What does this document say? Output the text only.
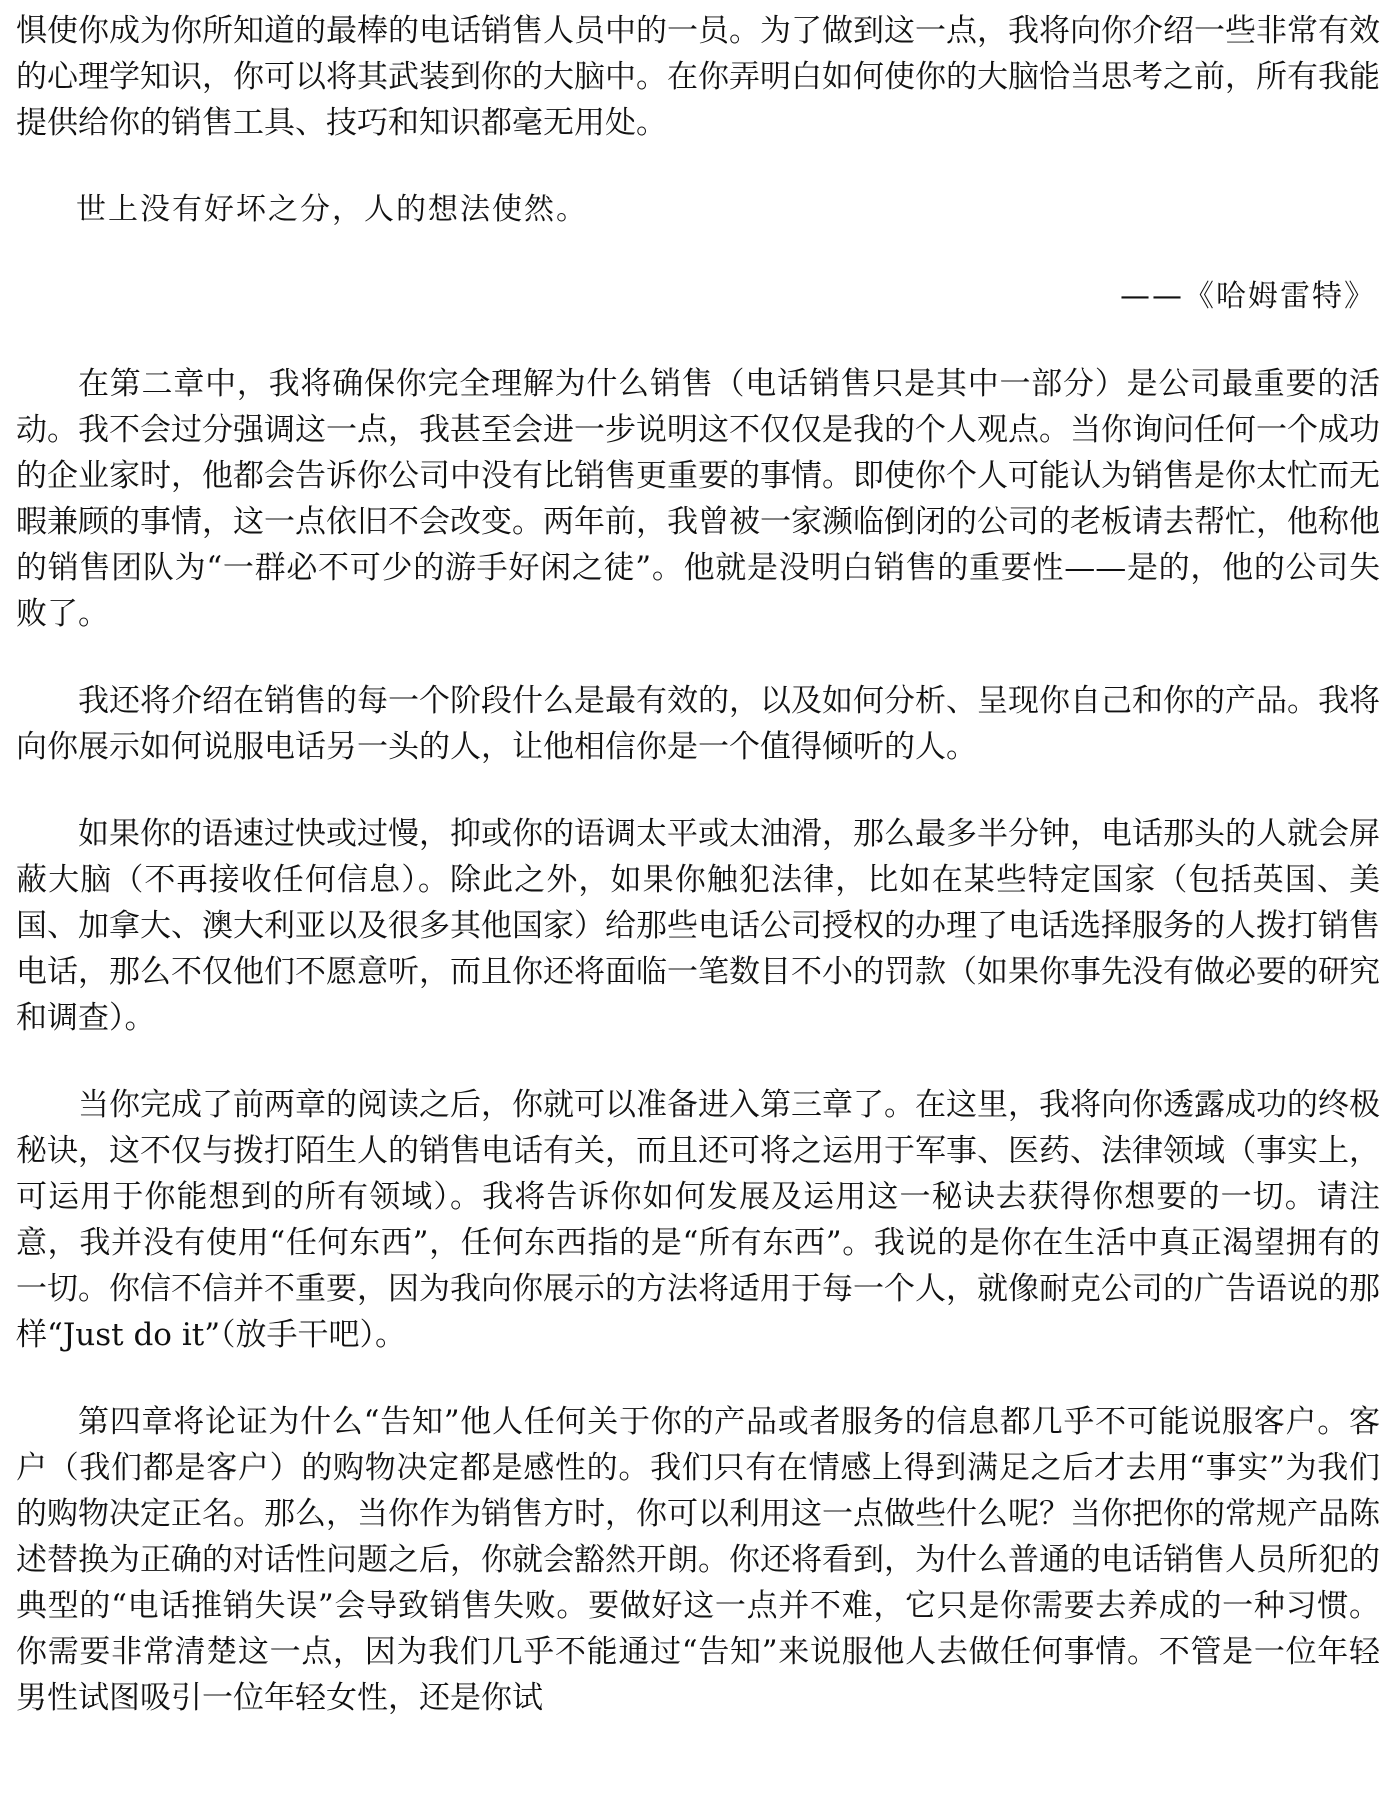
惧使你成为你所知道的最棒的电话销售人员中的一员。为了做到这一点，我将向你介绍一些非常有效的心理学知识，你可以将其武装到你的大脑中。在你弄明白如何使你的大脑恰当思考之前，所有我能提供给你的销售工具、技巧和知识都毫无用处。

世上没有好坏之分，人的想法使然。

——《哈姆雷特》

在第二章中，我将确保你完全理解为什么销售（电话销售只是其中一部分）是公司最重要的活动。我不会过分强调这一点，我甚至会进一步说明这不仅仅是我的个人观点。当你询问任何一个成功的企业家时，他都会告诉你公司中没有比销售更重要的事情。即使你个人可能认为销售是你太忙而无暇兼顾的事情，这一点依旧不会改变。两年前，我曾被一家濒临倒闭的公司的老板请去帮忙，他称他的销售团队为“一群必不可少的游手好闲之徒”。他就是没明白销售的重要性——是的，他的公司失败了。

我还将介绍在销售的每一个阶段什么是最有效的，以及如何分析、呈现你自己和你的产品。我将向你展示如何说服电话另一头的人，让他相信你是一个值得倾听的人。

如果你的语速过快或过慢，抑或你的语调太平或太油滑，那么最多半分钟，电话那头的人就会屏蔽大脑（不再接收任何信息）。除此之外，如果你触犯法律，比如在某些特定国家（包括英国、美国、加拿大、澳大利亚以及很多其他国家）给那些电话公司授权的办理了电话选择服务的人拨打销售电话，那么不仅他们不愿意听，而且你还将面临一笔数目不小的罚款（如果你事先没有做必要的研究和调查）。

当你完成了前两章的阅读之后，你就可以准备进入第三章了。在这里，我将向你透露成功的终极秘诀，这不仅与拨打陌生人的销售电话有关，而且还可将之运用于军事、医药、法律领域（事实上，可运用于你能想到的所有领域）。我将告诉你如何发展及运用这一秘诀去获得你想要的一切。请注意，我并没有使用“任何东西”，任何东西指的是“所有东西”。我说的是你在生活中真正渴望拥有的一切。你信不信并不重要，因为我向你展示的方法将适用于每一个人，就像耐克公司的广告语说的那样“Just do it”（放手干吧）。

第四章将论证为什么“告知”他人任何关于你的产品或者服务的信息都几乎不可能说服客户。客户（我们都是客户）的购物决定都是感性的。我们只有在情感上得到满足之后才去用“事实”为我们的购物决定正名。那么，当你作为销售方时，你可以利用这一点做些什么呢？当你把你的常规产品陈述替换为正确的对话性问题之后，你就会豁然开朗。你还将看到，为什么普通的电话销售人员所犯的典型的“电话推销失误”会导致销售失败。要做好这一点并不难，它只是你需要去养成的一种习惯。你需要非常清楚这一点，因为我们几乎不能通过“告知”来说服他人去做任何事情。不管是一位年轻男性试图吸引一位年轻女性，还是你试
